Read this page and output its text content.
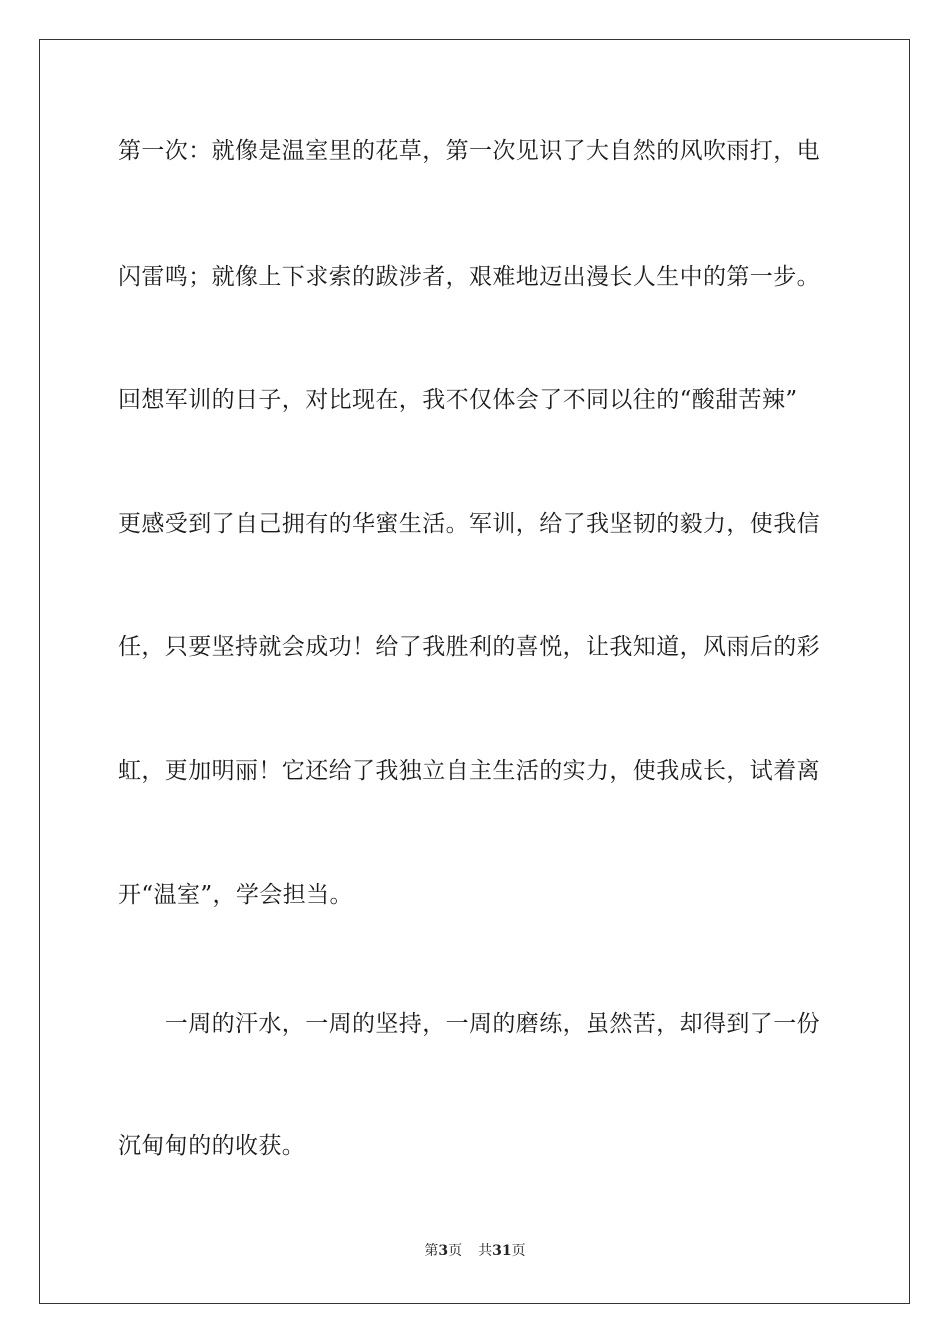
第一次：就像是温室里的花草，第一次见识了大自然的风吹雨打，电
闪雷鸣；就像上下求索的跋涉者，艰难地迈出漫长人生中的第一步。
回想军训的日子，对比现在，我不仅体会了不同以往的“酸甜苦辣”
更感受到了自己拥有的华蜜生活。军训，给了我坚韧的毅力，使我信
任，只要坚持就会成功！给了我胜利的喜悦，让我知道，风雨后的彩
虹，更加明丽！它还给了我独立自主生活的实力，使我成长，试着离
开“温室”，学会担当。
　　一周的汗水，一周的坚持，一周的磨练，虽然苦，却得到了一份
沉甸甸的的收获。
第3页 共31页
